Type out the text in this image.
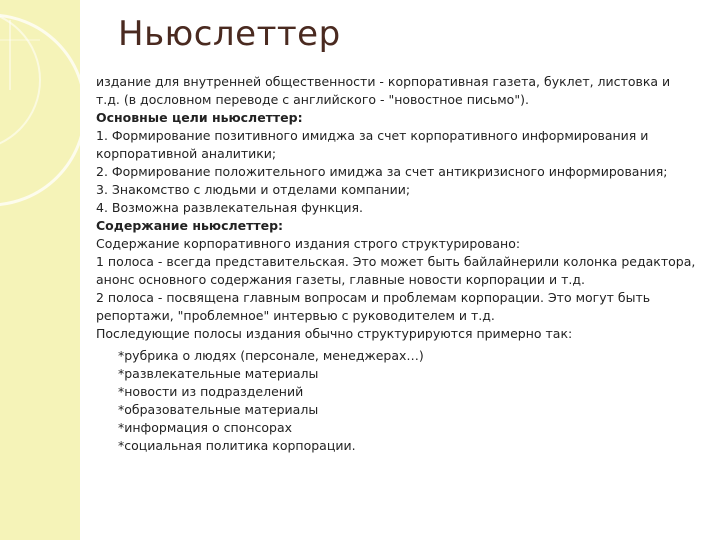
Ньюслеттер

издание для внутренней общественности - корпоративная газета, буклет, листовка и т.д. (в дословном переводе с английского - "новостное письмо").

Основные цели ньюслеттер:

1. Формирование позитивного имиджа за счет корпоративного информирования и корпоративной аналитики;

2. Формирование положительного имиджа за счет антикризисного информирования;

3. Знакомство с людьми и отделами компании;

4. Возможна развлекательная функция.

Содержание ньюслеттер:

Содержание корпоративного издания строго структурировано:

1 полоса - всегда представительская. Это может быть байлайнерили колонка редактора, анонс основного содержания газеты, главные новости корпорации и т.д.

2 полоса - посвящена главным вопросам и проблемам корпорации. Это могут быть репортажи, "проблемное" интервью с руководителем и т.д.

Последующие полосы издания обычно структурируются примерно так:

*рубрика о людях (персонале, менеджерах…)

*развлекательные материалы

*новости из подразделений

*образовательные материалы

*информация о спонсорах

*социальная политика корпорации.
